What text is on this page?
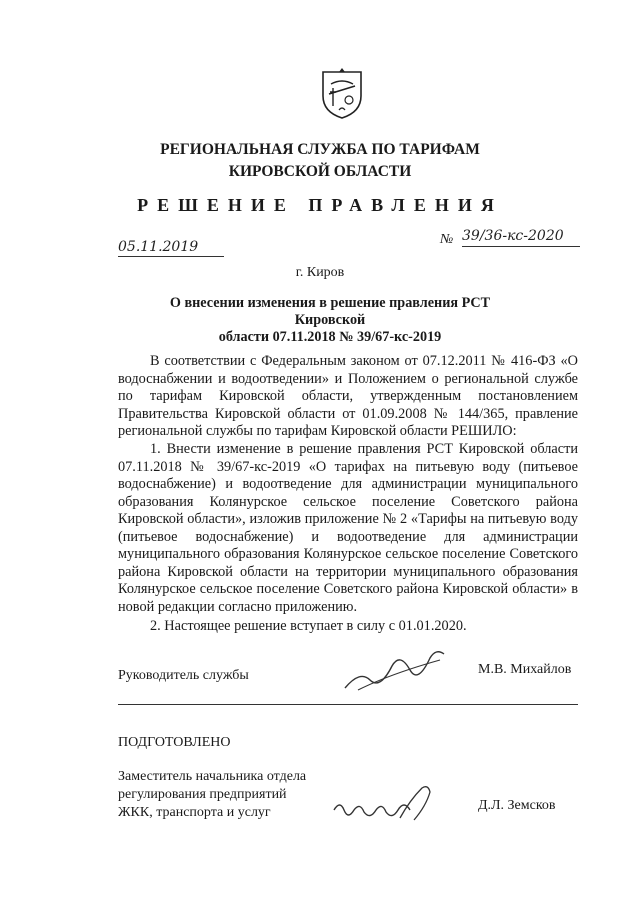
РЕГИОНАЛЬНАЯ СЛУЖБА ПО ТАРИФАМ
КИРОВСКОЙ ОБЛАСТИ
РЕШЕНИЕ ПРАВЛЕНИЯ
05.11.2019	№ 39/36-кс-2020
г. Киров
О внесении изменения в решение правления РСТ Кировской
области 07.11.2018 № 39/67-кс-2019
В соответствии с Федеральным законом от 07.12.2011 № 416-ФЗ «О водоснабжении и водоотведении» и Положением о региональной службе по тарифам Кировской области, утвержденным постановлением Правительства Кировской области от 01.09.2008 № 144/365, правление региональной службы по тарифам Кировской области РЕШИЛО:
1. Внести изменение в решение правления РСТ Кировской области 07.11.2018 № 39/67-кс-2019 «О тарифах на питьевую воду (питьевое водоснабжение) и водоотведение для администрации муниципального образования Колянурское сельское поселение Советского района Кировской области», изложив приложение № 2 «Тарифы на питьевую воду (питьевое водоснабжение) и водоотведение для администрации муниципального образования Колянурское сельское поселение Советского района Кировской области на территории муниципального образования Колянурское сельское поселение Советского района Кировской области» в новой редакции согласно приложению.
2. Настоящее решение вступает в силу с 01.01.2020.
Руководитель службы	М.В. Михайлов
ПОДГОТОВЛЕНО
Заместитель начальника отдела
регулирования предприятий
ЖКК, транспорта и услуг	Д.Л. Земсков
